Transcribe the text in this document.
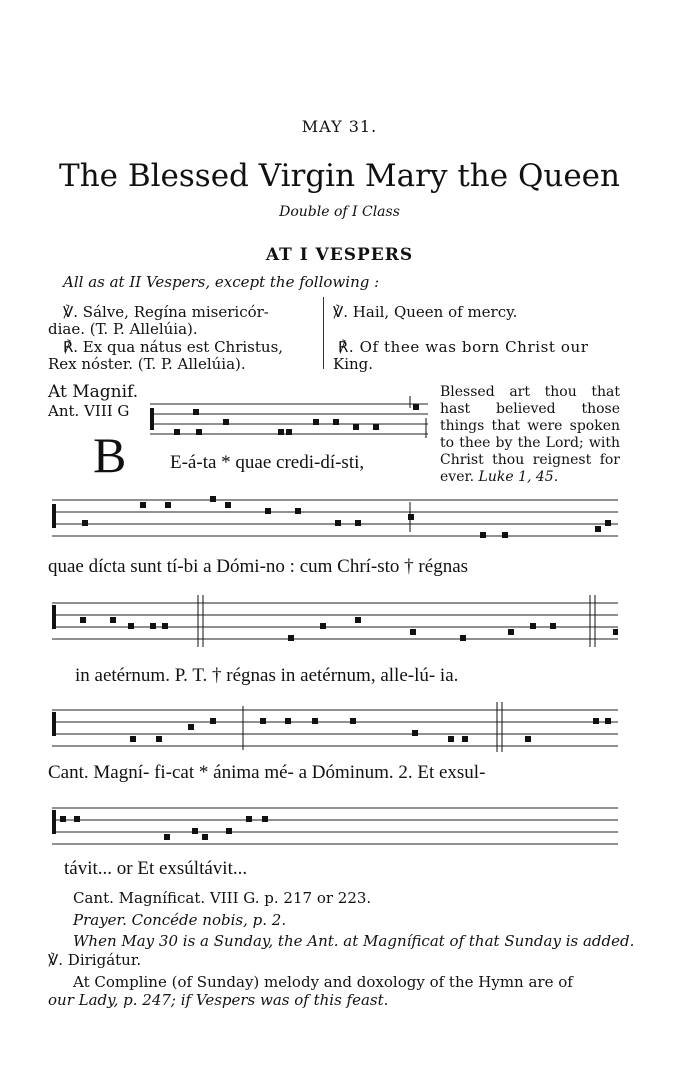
MAY 31.
The Blessed Virgin Mary the Queen
Double of I Class
AT I VESPERS
All as at II Vespers, except the following :
℣. Sálve, Regína misericór-
diae. (T. P. Allelúia).
℟. Ex qua nátus est Christus,
Rex nóster. (T. P. Allelúia).
℣. Hail, Queen of mercy.
℟. Of thee was born Christ our
King.
At Magnif.
Ant. VIII G
Blessed art thou that hast believed those things that were spoken to thee by the Lord; with Christ thou reignest for ever. Luke 1, 45.
B E-á-ta * quae credi-dí-sti,
quae dícta sunt tí-bi a Dómi-no : cum Chrí-sto † régnas
in aetérnum. P. T. † régnas in aetérnum, alle-lú- ia.
Cant. Magní- fi-cat * ánima mé- a Dóminum. 2. Et exsul-
távit... or Et exsúltávit...
Cant. Magníficat. VIII G. p. 217 or 223.
Prayer. Concéde nobis, p. 2.
When May 30 is a Sunday, the Ant. at Magníficat of that Sunday is added.
℣. Dirigátur.
At Compline (of Sunday) melody and doxology of the Hymn are of
our Lady, p. 247; if Vespers was of this feast.
